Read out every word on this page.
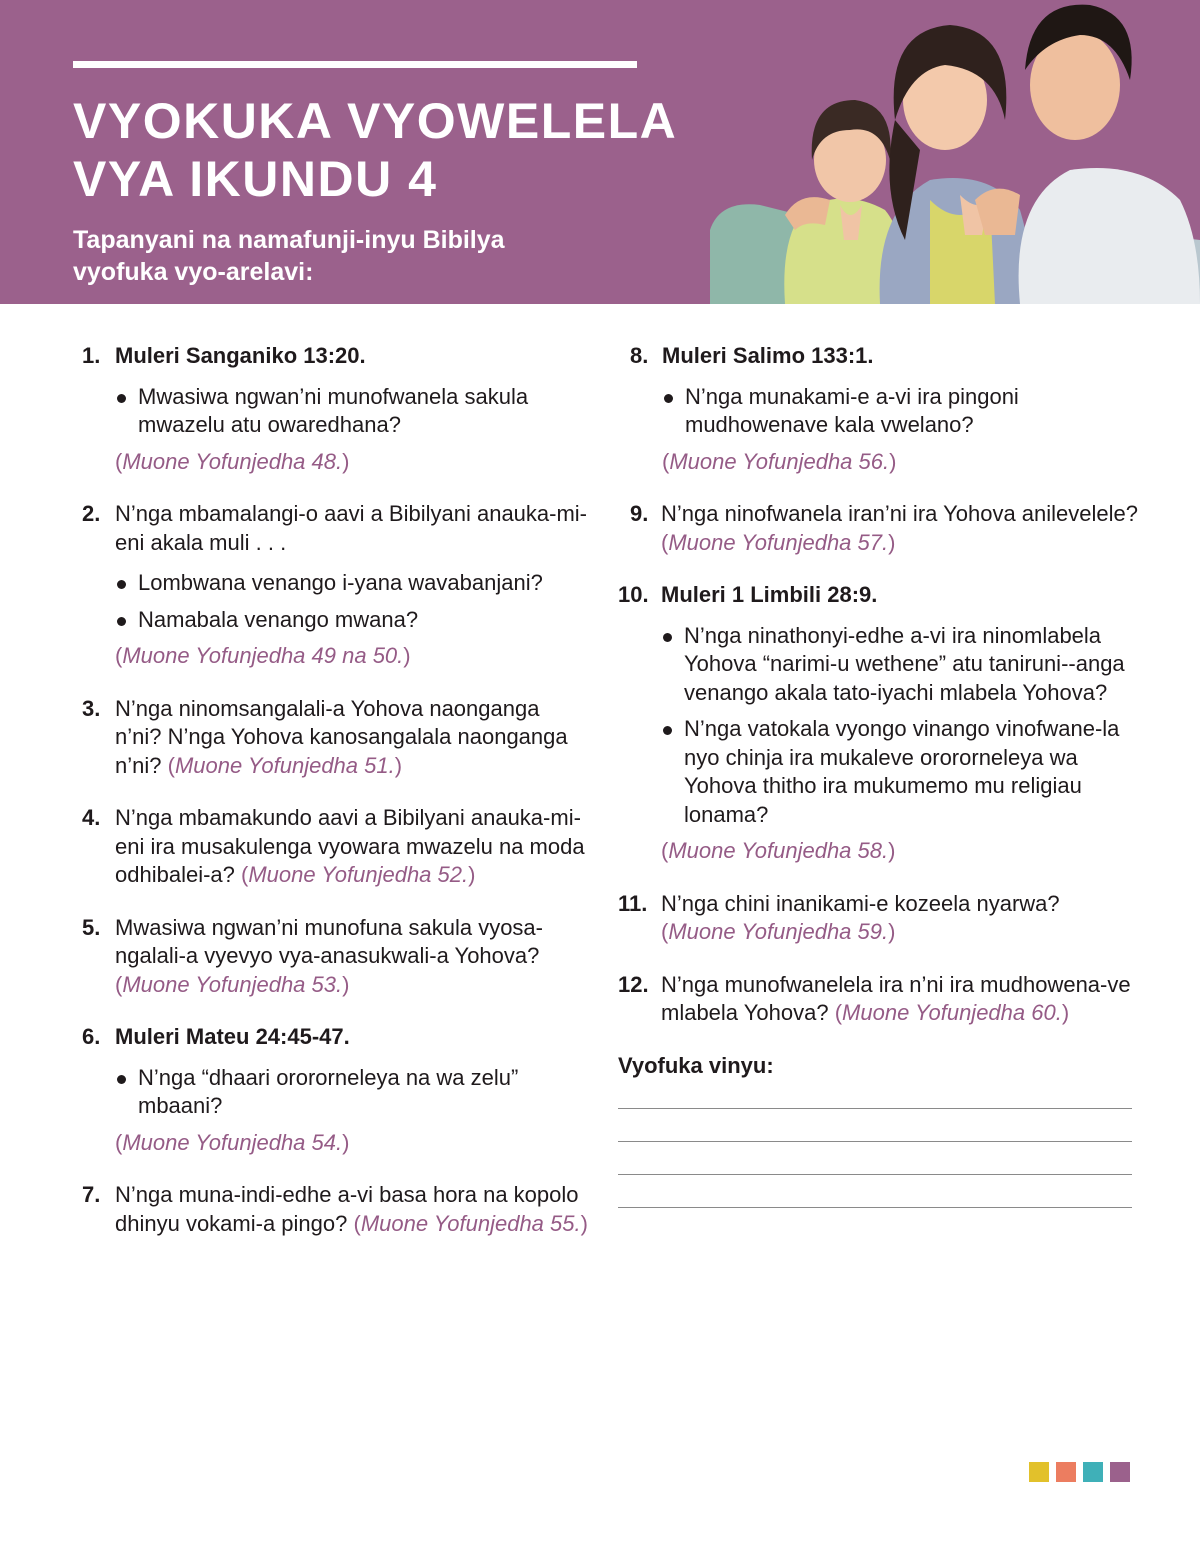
VYOKUKA VYOWELELA
VYA IKUNDU 4

Tapanyani na namafunji-inyu Bibilya
vyofuka vyo-arelavi:

1. Muleri Sanganiko 13:20.
Mwasiwa ngwan’ni munofwanela sakula mwazelu atu owaredhana?
(Muone Yofunjedha 48.)
2. N’nga mbamalangi-o aavi a Bibilyani anauka-mi-eni akala muli . . .
Lombwana venango i-yana wavabanjani?
Namabala venango mwana?
(Muone Yofunjedha 49 na 50.)
3. N’nga ninomsangalali-a Yohova naonganga n’ni? N’nga Yohova kanosangalala naonganga n’ni? (Muone Yofunjedha 51.)
4. N’nga mbamakundo aavi a Bibilyani anauka-mi-eni ira musakulenga vyowara mwazelu na moda odhibalei-a? (Muone Yofunjedha 52.)
5. Mwasiwa ngwan’ni munofuna sakula vyosa-ngalali-a vyevyo vya-anasukwali-a Yohova? (Muone Yofunjedha 53.)
6. Muleri Mateu 24:45-47.
N’nga “dhaari orororneleya na wa zelu” mbaani?
(Muone Yofunjedha 54.)
7. N’nga muna-indi-edhe a-vi basa hora na kopolo dhinyu vokami-a pingo? (Muone Yofunjedha 55.)
8. Muleri Salimo 133:1.
N’nga munakami-e a-vi ira pingoni mudhowenave kala vwelano?
(Muone Yofunjedha 56.)
9. N’nga ninofwanela iran’ni ira Yohova anilevelele? (Muone Yofunjedha 57.)
10. Muleri 1 Limbili 28:9.
N’nga ninathonyi-edhe a-vi ira ninomlabela Yohova “narimi-u wethene” atu taniruni--anga venango akala tato-iyachi mlabela Yohova?
N’nga vatokala vyongo vinango vinofwane-la nyo chinja ira mukaleve orororneleya wa Yohova thitho ira mukumemo mu religiau lonama?
(Muone Yofunjedha 58.)
11. N’nga chini inanikami-e kozeela nyarwa? (Muone Yofunjedha 59.)
12. N’nga munofwanelela ira n’ni ira mudhowena-ve mlabela Yohova? (Muone Yofunjedha 60.)
Vyofuka vinyu:
